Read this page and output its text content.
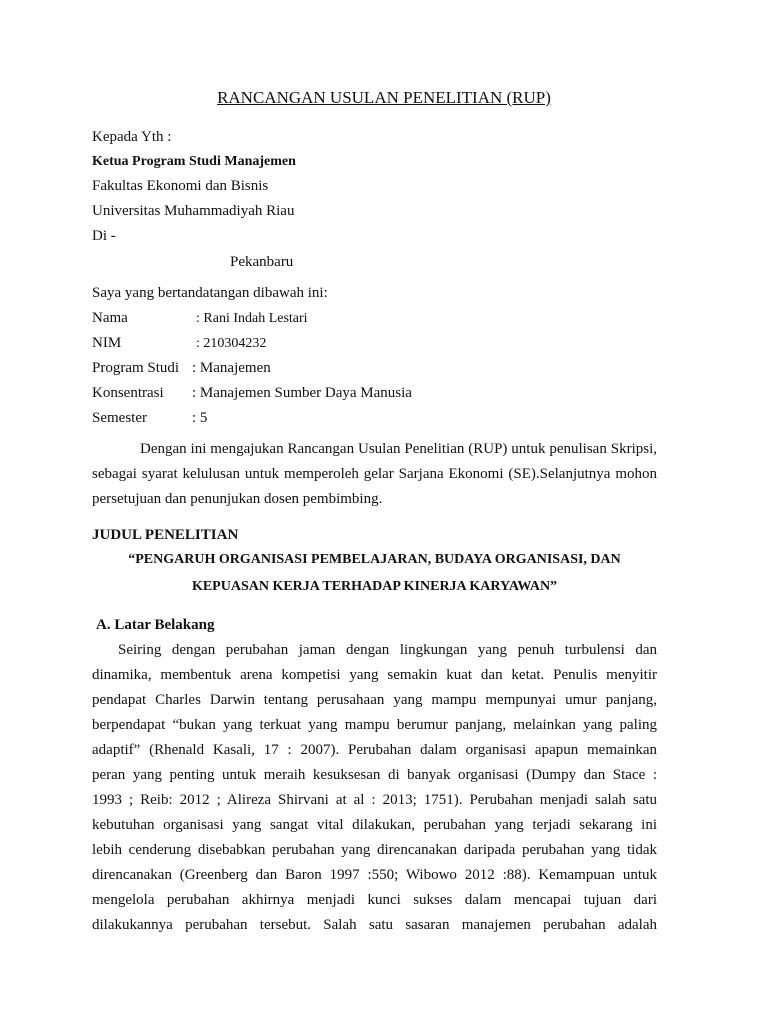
RANCANGAN USULAN PENELITIAN (RUP)
Kepada Yth :
Ketua Program Studi Manajemen
Fakultas Ekonomi dan Bisnis
Universitas Muhammadiyah Riau
Di -
Pekanbaru
Saya yang bertandatangan dibawah ini:
Nama	: Rani Indah Lestari
NIM	: 210304232
Program Studi : Manajemen
Konsentrasi : Manajemen Sumber Daya Manusia
Semester	: 5
Dengan ini mengajukan Rancangan Usulan Penelitian (RUP) untuk penulisan Skripsi,
sebagai syarat kelulusan untuk memperoleh gelar Sarjana Ekonomi (SE).Selanjutnya mohon
persetujuan dan penunjukan dosen pembimbing.
JUDUL PENELITIAN
“PENGARUH ORGANISASI PEMBELAJARAN, BUDAYA ORGANISASI, DAN
KEPUASAN KERJA TERHADAP KINERJA KARYAWAN”
A. Latar Belakang
Seiring dengan perubahan jaman dengan lingkungan yang penuh turbulensi dan
dinamika, membentuk arena kompetisi yang semakin kuat dan ketat. Penulis menyitir
pendapat Charles Darwin tentang perusahaan yang mampu mempunyai umur panjang,
berpendapat “bukan yang terkuat yang mampu berumur panjang, melainkan yang paling
adaptif” (Rhenald Kasali, 17 : 2007). Perubahan dalam organisasi apapun memainkan
peran yang penting untuk meraih kesuksesan di banyak organisasi (Dumpy dan Stace :
1993 ; Reib: 2012 ; Alireza Shirvani at al : 2013; 1751). Perubahan menjadi salah satu
kebutuhan organisasi yang sangat vital dilakukan, perubahan yang terjadi sekarang ini
lebih cenderung disebabkan perubahan yang direncanakan daripada perubahan yang tidak
direncanakan (Greenberg dan Baron 1997 :550; Wibowo 2012 :88). Kemampuan untuk
mengelola perubahan akhirnya menjadi kunci sukses dalam mencapai tujuan dari
dilakukannya perubahan tersebut. Salah satu sasaran manajemen perubahan adalah
